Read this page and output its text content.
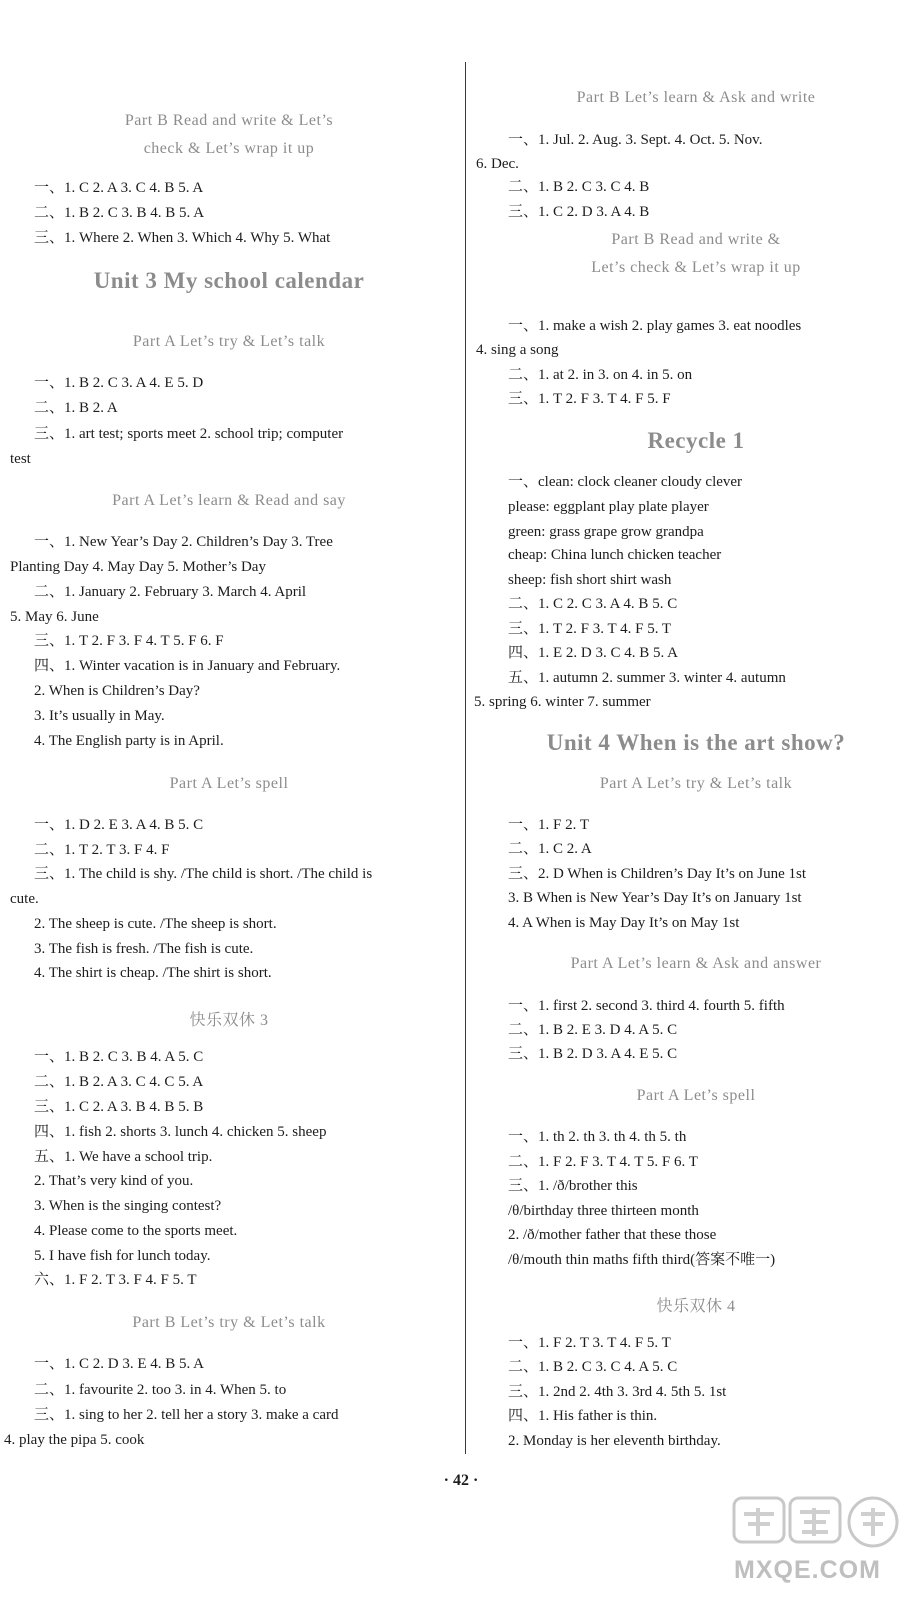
Part B Read and write & Let’s
check & Let’s wrap it up
一、1. C 2. A 3. C 4. B 5. A
二、1. B 2. C 3. B 4. B 5. A
三、1. Where 2. When 3. Which 4. Why 5. What
Unit 3 My school calendar
Part A Let’s try & Let’s talk
一、1. B 2. C 3. A 4. E 5. D
二、1. B 2. A
三、1. art test; sports meet 2. school trip; computer
test
Part A Let’s learn & Read and say
一、1. New Year’s Day 2. Children’s Day 3. Tree
Planting Day 4. May Day 5. Mother’s Day
二、1. January 2. February 3. March 4. April
5. May 6. June
三、1. T 2. F 3. F 4. T 5. F 6. F
四、1. Winter vacation is in January and February.
2. When is Children’s Day?
3. It’s usually in May.
4. The English party is in April.
Part A Let’s spell
一、1. D 2. E 3. A 4. B 5. C
二、1. T 2. T 3. F 4. F
三、1. The child is shy. /The child is short. /The child is
cute.
2. The sheep is cute. /The sheep is short.
3. The fish is fresh. /The fish is cute.
4. The shirt is cheap. /The shirt is short.
快乐双休 3
一、1. B 2. C 3. B 4. A 5. C
二、1. B 2. A 3. C 4. C 5. A
三、1. C 2. A 3. B 4. B 5. B
四、1. fish 2. shorts 3. lunch 4. chicken 5. sheep
五、1. We have a school trip.
2. That’s very kind of you.
3. When is the singing contest?
4. Please come to the sports meet.
5. I have fish for lunch today.
六、1. F 2. T 3. F 4. F 5. T
Part B Let’s try & Let’s talk
一、1. C 2. D 3. E 4. B 5. A
二、1. favourite 2. too 3. in 4. When 5. to
三、1. sing to her 2. tell her a story 3. make a card
4. play the pipa 5. cook
Part B Let’s learn & Ask and write
一、1. Jul. 2. Aug. 3. Sept. 4. Oct. 5. Nov.
6. Dec.
二、1. B 2. C 3. C 4. B
三、1. C 2. D 3. A 4. B
Part B Read and write &
Let’s check & Let’s wrap it up
一、1. make a wish 2. play games 3. eat noodles
4. sing a song
二、1. at 2. in 3. on 4. in 5. on
三、1. T 2. F 3. T 4. F 5. F
Recycle 1
一、clean: clock cleaner cloudy clever
please: eggplant play plate player
green: grass grape grow grandpa
cheap: China lunch chicken teacher
sheep: fish short shirt wash
二、1. C 2. C 3. A 4. B 5. C
三、1. T 2. F 3. T 4. F 5. T
四、1. E 2. D 3. C 4. B 5. A
五、1. autumn 2. summer 3. winter 4. autumn
5. spring 6. winter 7. summer
Unit 4 When is the art show?
Part A Let’s try & Let’s talk
一、1. F 2. T
二、1. C 2. A
三、2. D When is Children’s Day It’s on June 1st
3. B When is New Year’s Day It’s on January 1st
4. A When is May Day It’s on May 1st
Part A Let’s learn & Ask and answer
一、1. first 2. second 3. third 4. fourth 5. fifth
二、1. B 2. E 3. D 4. A 5. C
三、1. B 2. D 3. A 4. E 5. C
Part A Let’s spell
一、1. th 2. th 3. th 4. th 5. th
二、1. F 2. F 3. T 4. T 5. F 6. T
三、1. /ð/brother this
/θ/birthday three thirteen month
2. /ð/mother father that these those
/θ/mouth thin maths fifth third(答案不唯一)
快乐双休 4
一、1. F 2. T 3. T 4. F 5. T
二、1. B 2. C 3. C 4. A 5. C
三、1. 2nd 2. 4th 3. 3rd 4. 5th 5. 1st
四、1. His father is thin.
2. Monday is her eleventh birthday.
· 42 ·
MXQE.COM
